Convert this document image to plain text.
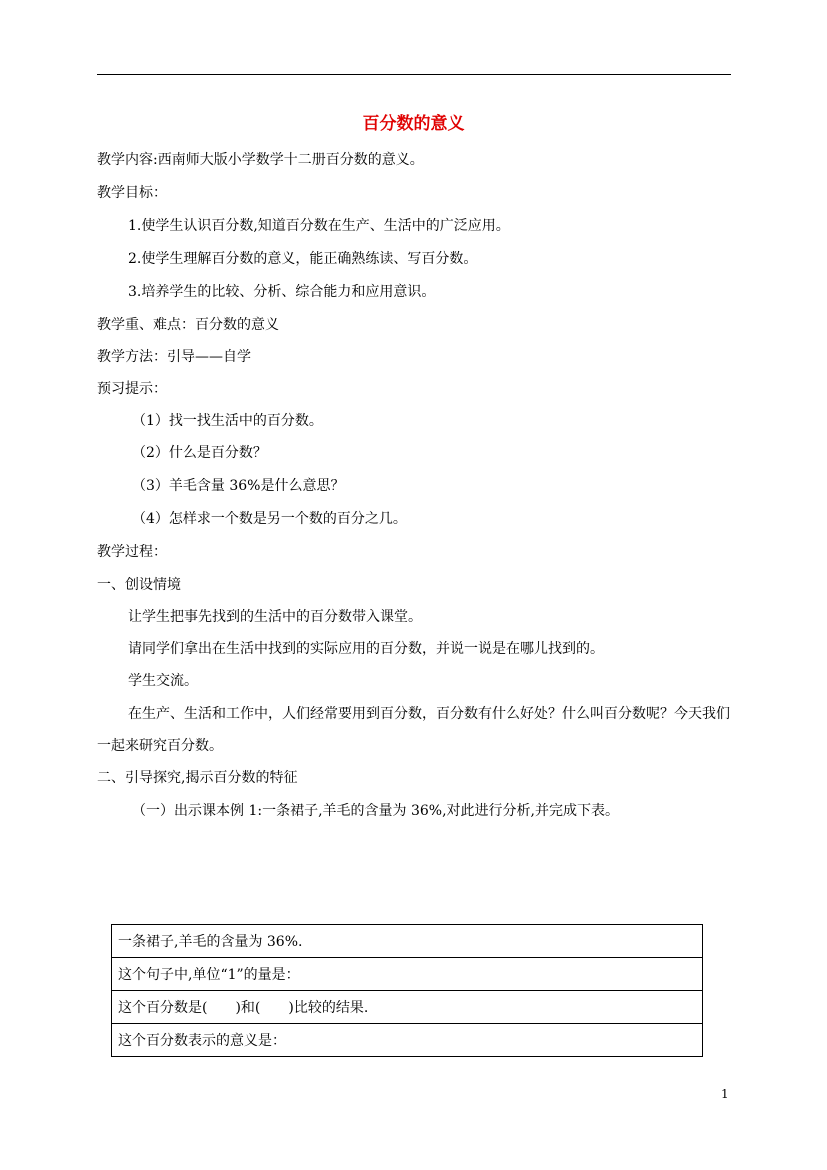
百分数的意义
教学内容:西南师大版小学数学十二册百分数的意义。
教学目标：
1.使学生认识百分数,知道百分数在生产、生活中的广泛应用。
2.使学生理解百分数的意义，能正确熟练读、写百分数。
3.培养学生的比较、分析、综合能力和应用意识。
教学重、难点：百分数的意义
教学方法：引导——自学
预习提示：
（1）找一找生活中的百分数。
（2）什么是百分数？
（3）羊毛含量 36%是什么意思？
（4）怎样求一个数是另一个数的百分之几。
教学过程：
一、创设情境
让学生把事先找到的生活中的百分数带入课堂。
请同学们拿出在生活中找到的实际应用的百分数，并说一说是在哪儿找到的。
学生交流。
在生产、生活和工作中，人们经常要用到百分数，百分数有什么好处？什么叫百分数呢？今天我们一起来研究百分数。
二、引导探究,揭示百分数的特征
（一）出示课本例 1:一条裙子,羊毛的含量为 36%,对此进行分析,并完成下表。
一条裙子,羊毛的含量为 36%.
这个句子中,单位“1”的量是：
这个百分数是(　　)和(　　)比较的结果.
这个百分数表示的意义是：
1
